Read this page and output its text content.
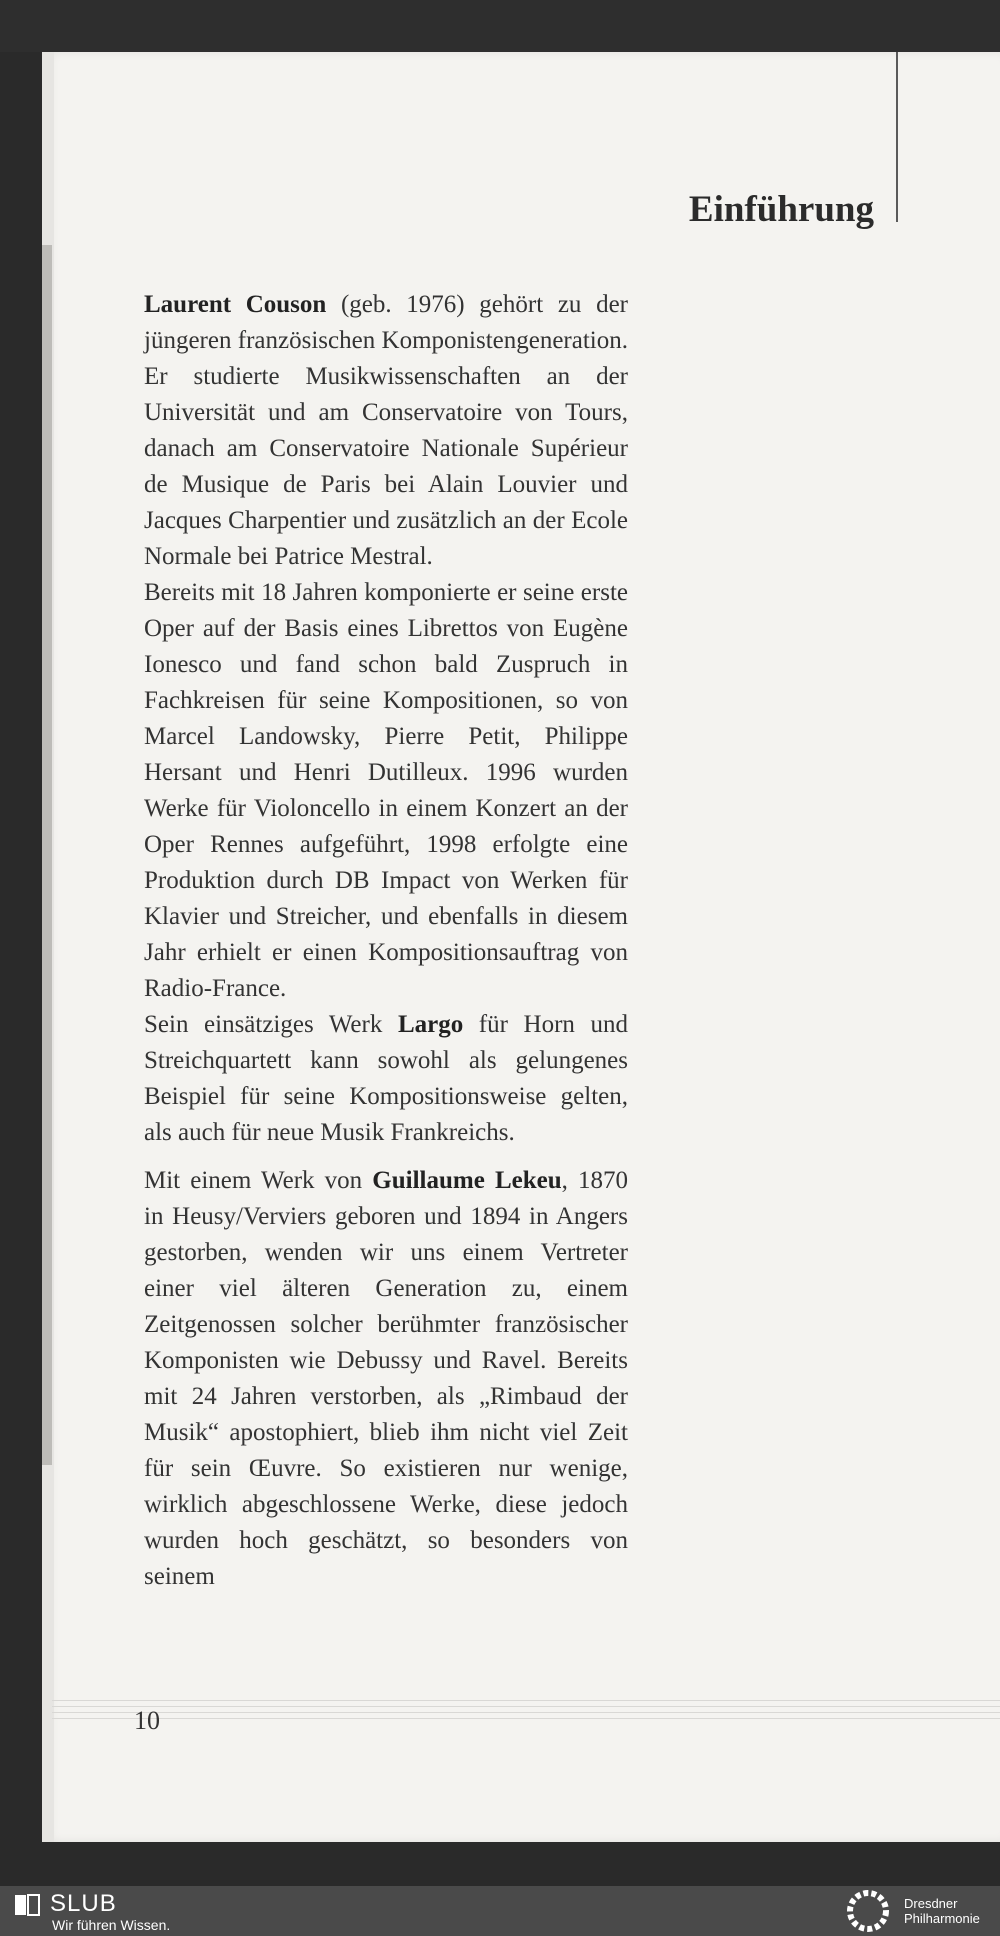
Einführung

Laurent Couson (geb. 1976) gehört zu der jüngeren französischen Komponistengeneration. Er studierte Musikwissenschaften an der Universität und am Conservatoire von Tours, danach am Conservatoire Nationale Supérieur de Musique de Paris bei Alain Louvier und Jacques Charpentier und zusätzlich an der Ecole Normale bei Patrice Mestral.

Bereits mit 18 Jahren komponierte er seine erste Oper auf der Basis eines Librettos von Eugène Ionesco und fand schon bald Zuspruch in Fachkreisen für seine Kompositionen, so von Marcel Landowsky, Pierre Petit, Philippe Hersant und Henri Dutilleux. 1996 wurden Werke für Violoncello in einem Konzert an der Oper Rennes aufgeführt, 1998 erfolgte eine Produktion durch DB Impact von Werken für Klavier und Streicher, und ebenfalls in diesem Jahr erhielt er einen Kompositionsauftrag von Radio-France.

Sein einsätziges Werk Largo für Horn und Streichquartett kann sowohl als gelungenes Beispiel für seine Kompositionsweise gelten, als auch für neue Musik Frankreichs.

Mit einem Werk von Guillaume Lekeu, 1870 in Heusy/Verviers geboren und 1894 in Angers gestorben, wenden wir uns einem Vertreter einer viel älteren Generation zu, einem Zeitgenossen solcher berühmter französischer Komponisten wie Debussy und Ravel. Bereits mit 24 Jahren verstorben, als „Rimbaud der Musik“ apostophiert, blieb ihm nicht viel Zeit für sein Œuvre. So existieren nur wenige, wirklich abgeschlossene Werke, diese jedoch wurden hoch geschätzt, so besonders von seinem

10
SLUB
Wir führen Wissen.
Dresdner
Philharmonie
